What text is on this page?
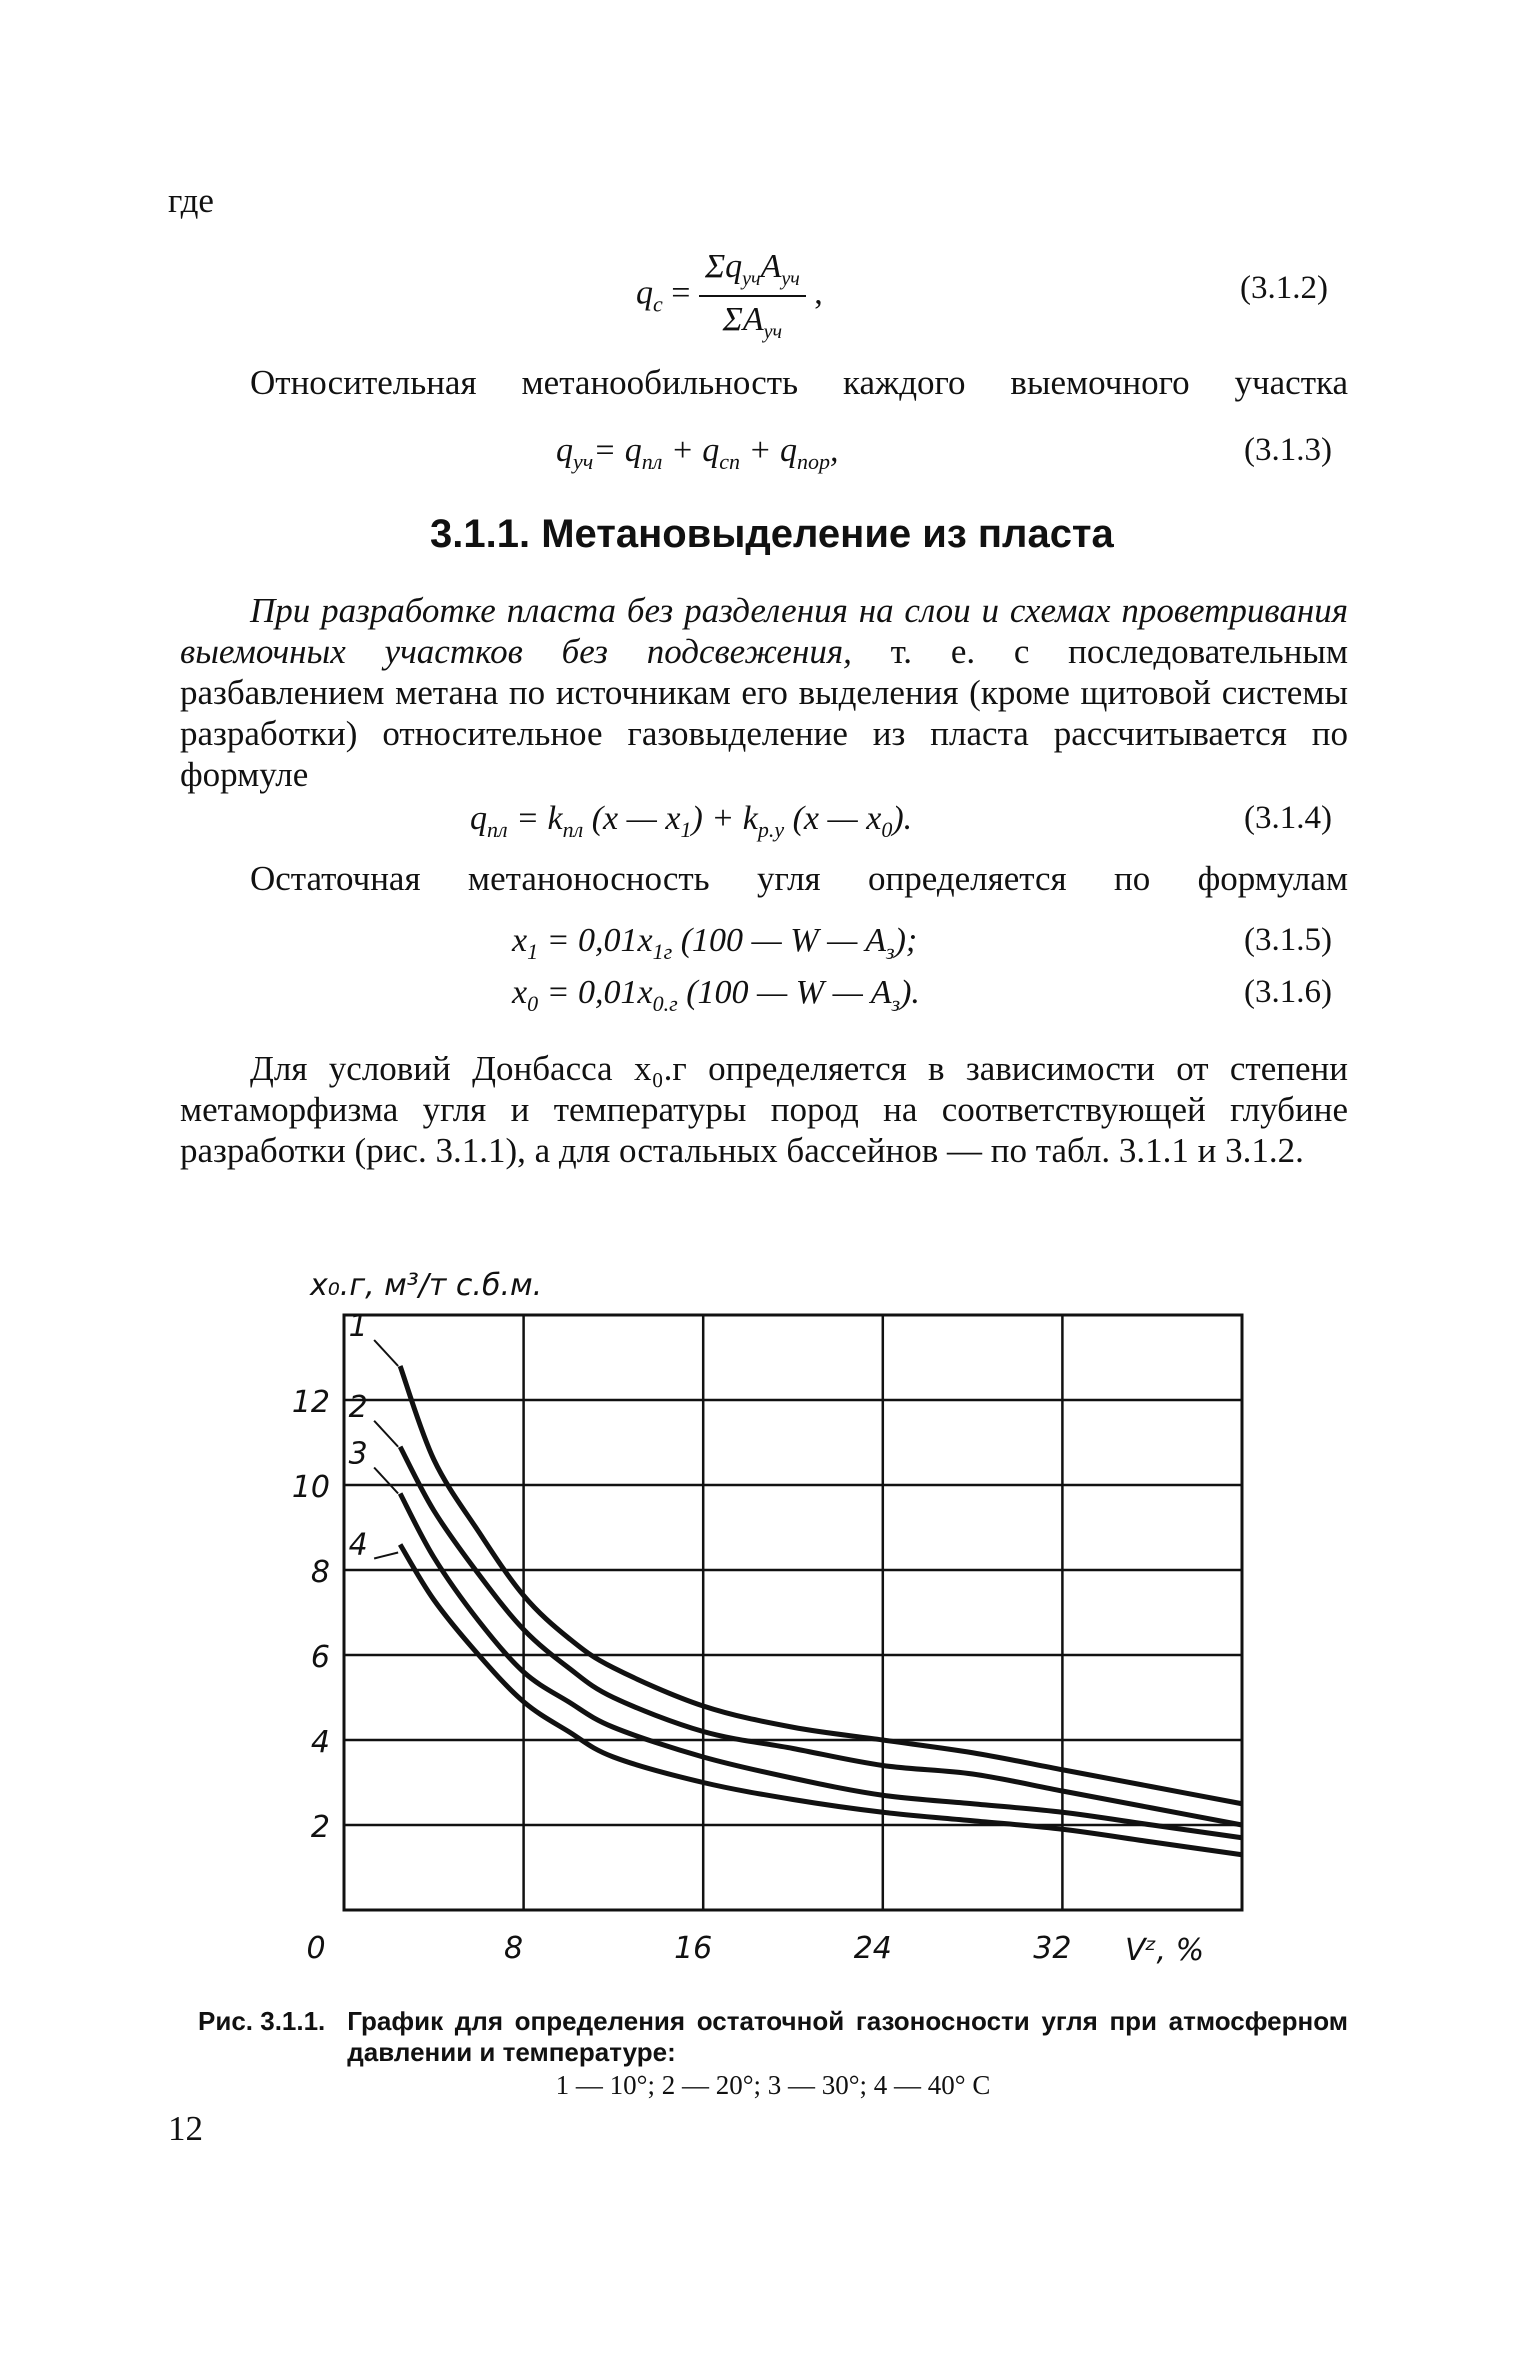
где
$q_с = \frac{\Sigma q_{уч}A_{уч}}{\Sigma A_{уч}}$ ,	(3.1.2)
Относительная метанообильность каждого выемочного участка
$q_{уч}= q_{пл} + q_{сп} + q_{пор}$,	(3.1.3)
3.1.1. Метановыделение из пласта

При разработке пласта без разделения на слои и схемах проветривания выемочных участков без подсвежения, т. е. с последовательным разбавлением метана по источникам его выделения (кроме щитовой системы разработки) относительное газовыделение из пласта рассчитывается по формуле

$q_{пл} = k_{пл}$ (x — $x_1) + k_{р.у}$ (x — $x_0$).	(3.1.4)
Остаточная метаноносность угля определяется по формулам
$x_1 = 0,01x_{1г}$ (100 — W — $A_з$);	(3.1.5)
$x_0 = 0,01x_{0.г}$ (100 — W — $A_з$).	(3.1.6)

Для условий Донбасса x₀.г определяется в зависимости от степени метаморфизма угля и температуры пород на соответствующей глубине разработки (рис. 3.1.1), а для остальных бассейнов — по табл. 3.1.1 и 3.1.2.

0	8	16	24	32
2
4
6
8
10
12
1
2
3
4
x₀.г, м³/т с.б.м.
Vᶻ, %
Рис. 3.1.1. График для определения остаточной газоносности угля при атмосферном давлении и температуре:
1 — 10°; 2 — 20°; 3 — 30°; 4 — 40° С
12
